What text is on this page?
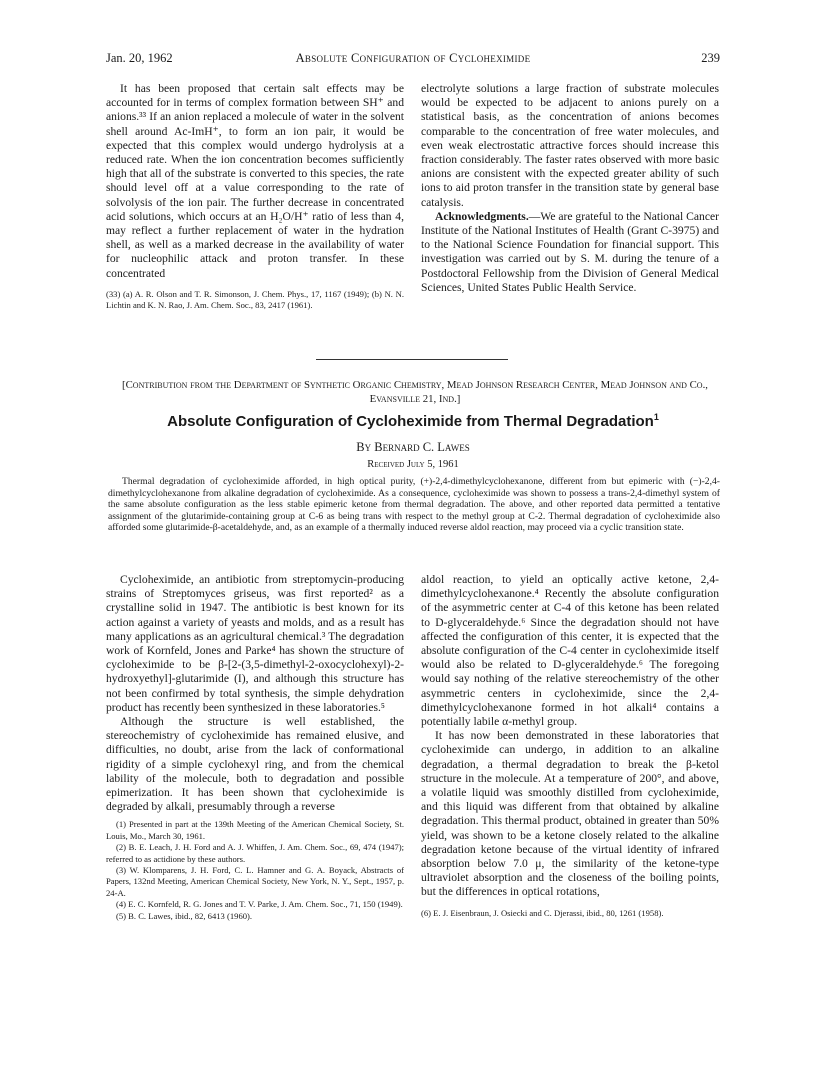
Jan. 20, 1962	Absolute Configuration of Cycloheximide	239

It has been proposed that certain salt effects may be accounted for in terms of complex formation between SH⁺ and anions.³³ If an anion replaced a molecule of water in the solvent shell around Ac-ImH⁺, to form an ion pair, it would be expected that this complex would undergo hydrolysis at a reduced rate. When the ion concentration becomes sufficiently high that all of the substrate is converted to this species, the rate should level off at a value corresponding to the rate of solvolysis of the ion pair. The further decrease in concentrated acid solutions, which occurs at an H₂O/H⁺ ratio of less than 4, may reflect a further replacement of water in the hydration shell, as well as a marked decrease in the availability of water for nucleophilic attack and proton transfer. In these concentrated

(33) (a) A. R. Olson and T. R. Simonson, J. Chem. Phys., 17, 1167 (1949); (b) N. N. Lichtin and K. N. Rao, J. Am. Chem. Soc., 83, 2417 (1961).

electrolyte solutions a large fraction of substrate molecules would be expected to be adjacent to anions purely on a statistical basis, as the concentration of anions becomes comparable to the concentration of free water molecules, and even weak electrostatic attractive forces should increase this fraction considerably. The faster rates observed with more basic anions are consistent with the expected greater ability of such ions to aid proton transfer in the transition state by general base catalysis.

Acknowledgments.—We are grateful to the National Cancer Institute of the National Institutes of Health (Grant C-3975) and to the National Science Foundation for financial support. This investigation was carried out by S. M. during the tenure of a Postdoctoral Fellowship from the Division of General Medical Sciences, United States Public Health Service.

[Contribution from the Department of Synthetic Organic Chemistry, Mead Johnson Research Center, Mead Johnson and Co., Evansville 21, Ind.]
Absolute Configuration of Cycloheximide from Thermal Degradation$^1$
By Bernard C. Lawes
Received July 5, 1961

Thermal degradation of cycloheximide afforded, in high optical purity, (+)-2,4-dimethylcyclohexanone, different from but epimeric with (−)-2,4-dimethylcyclohexanone from alkaline degradation of cycloheximide. As a consequence, cycloheximide was shown to possess a trans-2,4-dimethyl system of the same absolute configuration as the less stable epimeric ketone from thermal degradation. The above, and other reported data permitted a tentative assignment of the glutarimide-containing group at C-6 as being trans with respect to the methyl group at C-2. Thermal degradation of cycloheximide also afforded some glutarimide-β-acetaldehyde, and, as an example of a thermally induced reverse aldol reaction, may proceed via a cyclic transition state.

Cycloheximide, an antibiotic from streptomycin-producing strains of Streptomyces griseus, was first reported² as a crystalline solid in 1947. The antibiotic is best known for its action against a variety of yeasts and molds, and as a result has many applications as an agricultural chemical.³ The degradation work of Kornfeld, Jones and Parke⁴ has shown the structure of cycloheximide to be β-[2-(3,5-dimethyl-2-oxocyclohexyl)-2-hydroxyethyl]-glutarimide (I), and although this structure has not been confirmed by total synthesis, the simple dehydration product has recently been synthesized in these laboratories.⁵

Although the structure is well established, the stereochemistry of cycloheximide has remained elusive, and difficulties, no doubt, arise from the lack of conformational rigidity of a simple cyclohexyl ring, and from the chemical lability of the molecule, both to degradation and possible epimerization. It has been shown that cycloheximide is degraded by alkali, presumably through a reverse

(1) Presented in part at the 139th Meeting of the American Chemical Society, St. Louis, Mo., March 30, 1961.

(2) B. E. Leach, J. H. Ford and A. J. Whiffen, J. Am. Chem. Soc., 69, 474 (1947); referred to as actidione by these authors.

(3) W. Klomparens, J. H. Ford, C. L. Hamner and G. A. Boyack, Abstracts of Papers, 132nd Meeting, American Chemical Society, New York, N. Y., Sept., 1957, p. 24-A.

(4) E. C. Kornfeld, R. G. Jones and T. V. Parke, J. Am. Chem. Soc., 71, 150 (1949).

(5) B. C. Lawes, ibid., 82, 6413 (1960).

aldol reaction, to yield an optically active ketone, 2,4-dimethylcyclohexanone.⁴ Recently the absolute configuration of the asymmetric center at C-4 of this ketone has been related to D-glyceraldehyde.⁶ Since the degradation should not have affected the configuration of this center, it is expected that the absolute configuration of the C-4 center in cycloheximide itself would also be related to D-glyceraldehyde.⁶ The foregoing would say nothing of the relative stereochemistry of the other asymmetric centers in cycloheximide, since the 2,4-dimethylcyclohexanone formed in hot alkali⁴ contains a potentially labile α-methyl group.

It has now been demonstrated in these laboratories that cycloheximide can undergo, in addition to an alkaline degradation, a thermal degradation to break the β-ketol structure in the molecule. At a temperature of 200°, and above, a volatile liquid was smoothly distilled from cycloheximide, and this liquid was different from that obtained by alkaline degradation. This thermal product, obtained in greater than 50% yield, was shown to be a ketone closely related to the alkaline degradation ketone because of the virtual identity of infrared absorption below 7.0 μ, the similarity of the ketone-type ultraviolet absorption and the closeness of the boiling points, but the differences in optical rotations,

(6) E. J. Eisenbraun, J. Osiecki and C. Djerassi, ibid., 80, 1261 (1958).
